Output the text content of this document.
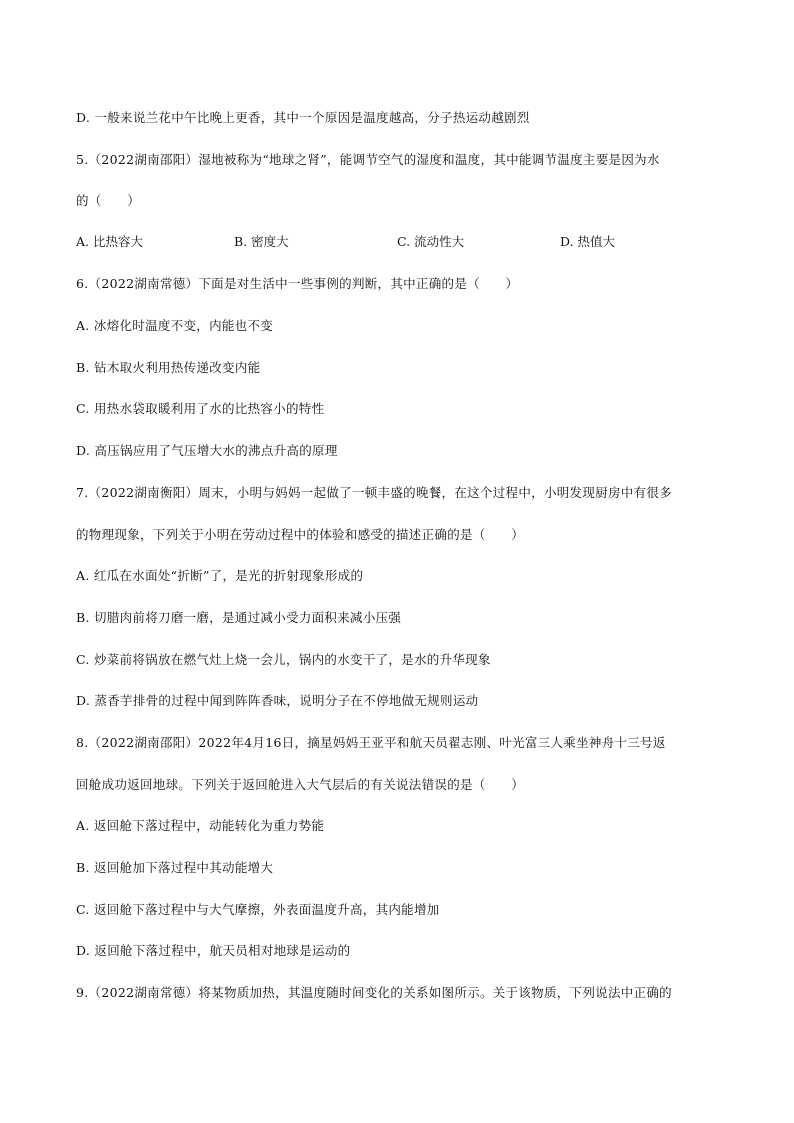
D. 一般来说兰花中午比晚上更香，其中一个原因是温度越高，分子热运动越剧烈
5.（2022湖南邵阳）湿地被称为“地球之肾”，能调节空气的湿度和温度，其中能调节温度主要是因为水
的（　　）
A. 比热容大	B. 密度大	C. 流动性大	D. 热值大
6.（2022湖南常德）下面是对生活中一些事例的判断，其中正确的是（　　）
A. 冰熔化时温度不变，内能也不变
B. 钻木取火利用热传递改变内能
C. 用热水袋取暖利用了水的比热容小的特性
D. 高压锅应用了气压增大水的沸点升高的原理
7.（2022湖南衡阳）周末，小明与妈妈一起做了一顿丰盛的晚餐，在这个过程中，小明发现厨房中有很多
的物理现象，下列关于小明在劳动过程中的体验和感受的描述正确的是（　　）
A. 红瓜在水面处“折断”了，是光的折射现象形成的
B. 切腊肉前将刀磨一磨，是通过减小受力面积来减小压强
C. 炒菜前将锅放在燃气灶上烧一会儿，锅内的水变干了，是水的升华现象
D. 蒸香芋排骨的过程中闻到阵阵香味，说明分子在不停地做无规则运动
8.（2022湖南邵阳）2022年4月16日，摘星妈妈王亚平和航天员翟志刚、叶光富三人乘坐神舟十三号返
回舱成功返回地球。下列关于返回舱进入大气层后的有关说法错误的是（　　）
A. 返回舱下落过程中，动能转化为重力势能
B. 返回舱加下落过程中其动能增大
C. 返回舱下落过程中与大气摩擦，外表面温度升高，其内能增加
D. 返回舱下落过程中，航天员相对地球是运动的
9.（2022湖南常德）将某物质加热，其温度随时间变化的关系如图所示。关于该物质，下列说法中正确的
